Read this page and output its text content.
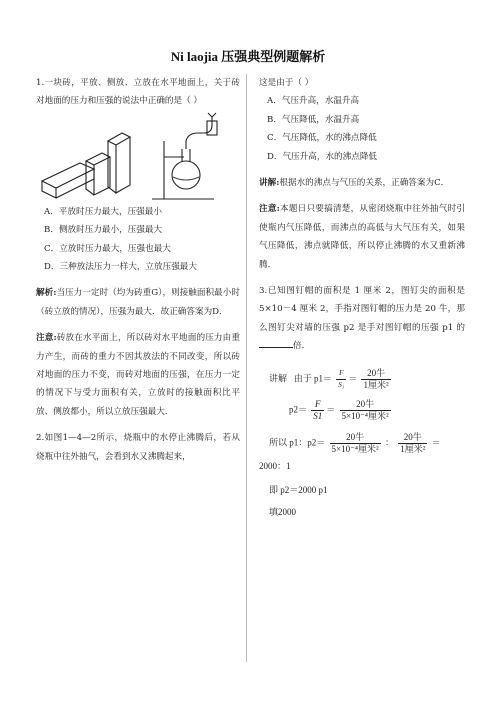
Ni laojia 压强典型例题解析

1.一块砖，平放、侧放、立放在水平地面上，关于砖对地面的压力和压强的说法中正确的是（ ）

A．平放时压力最大，压强最小

B．侧放时压力最小，压强最大

C．立放时压力最大，压强也最大

D．三种放法压力一样大，立放压强最大

解析:当压力一定时（均为砖重G），则接触面积最小时（砖立放的情况），压强为最大．故正确答案为D．

注意:砖放在水平面上，所以砖对水平地面的压力由重力产生，而砖的重力不因其放法的不同改变，所以砖对地面的压力不变，而砖对地面的压强，在压力一定的情况下与受力面积有关，立放时的接触面积比平放、侧放都小，所以立放压强最大．

2.如图1—4—2所示，烧瓶中的水停止沸腾后，若从烧瓶中往外抽气，会看到水又沸腾起来，

这是由于（ ）

A．气压升高，水温升高

B．气压降低，水温升高

C．气压降低，水的沸点降低

D．气压升高，水的沸点降低

讲解:根据水的沸点与气压的关系，正确答案为C．

注意:本题日只要搞清楚，从密闭烧瓶中往外抽气时引使瓶内气压降低，而沸点的高低与大气压有关，如果气压降低，沸点就降低，所以停止沸腾的水又重新沸腾．

3.已知图钉帽的面积是 1 厘米 2，图钉尖的面积是 5×10－4 厘米 2，手指对图钉帽的压力是 20 牛，那么图钉尖对墙的压强 p2 是手对图钉帽的压强 p1 的倍．

讲解 由于 $p1= \frac{F}{\text{S₁}} = \frac{\text{20牛}}{\text{1厘米²}}$
$p2= \frac{F}{S1} = \frac{\text{20牛}}{\text{5×10⁻⁴厘米²}}$
所以 p1：$p2= \frac{\text{20牛}}{\text{5×10⁻⁴厘米²}}$ ： $\frac{\text{20牛}}{\text{1厘米²}}$ ＝
2000：1
即 p2＝2000 p1
填2000
